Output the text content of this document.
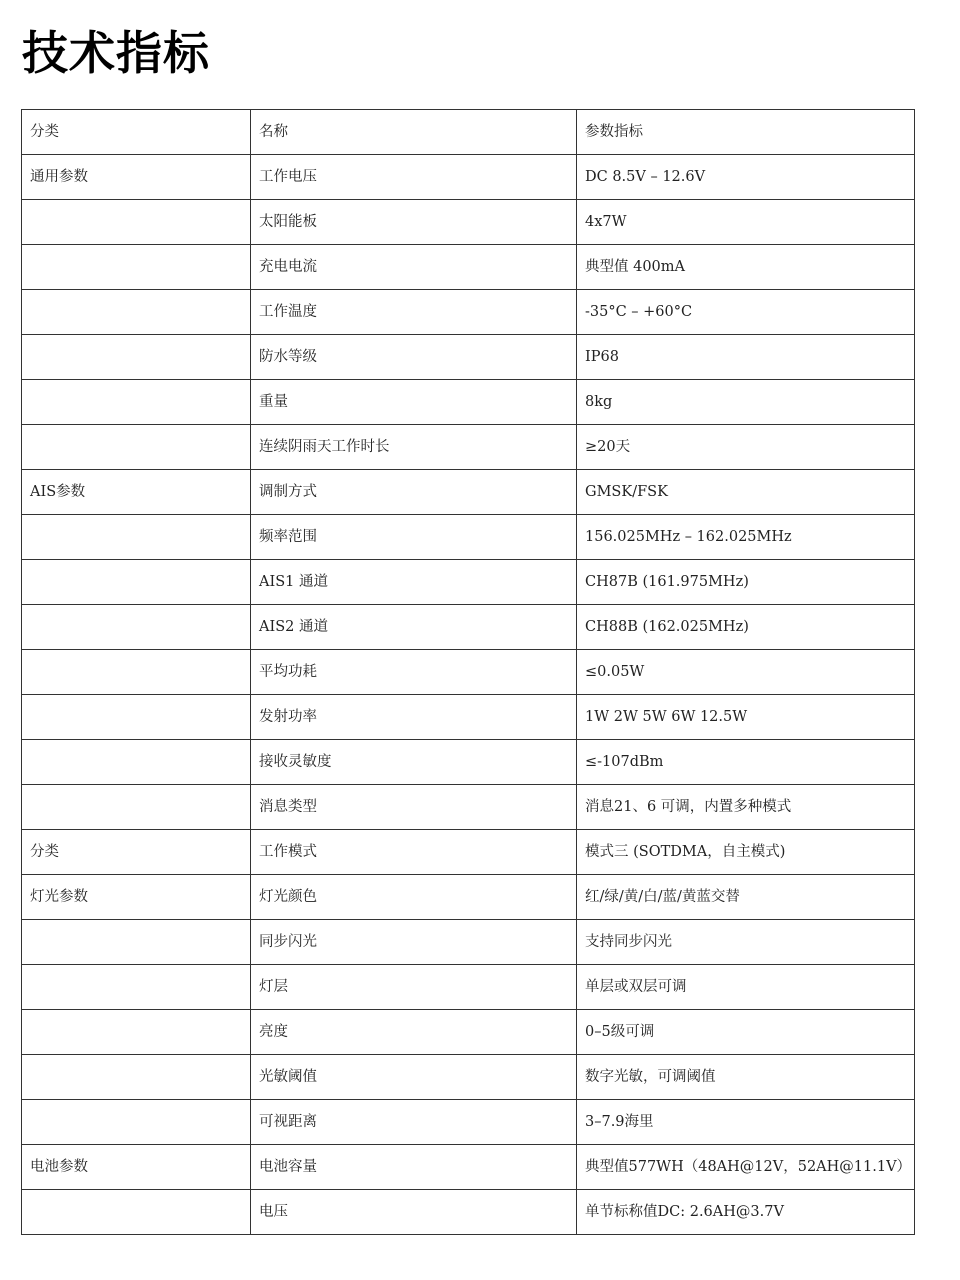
技术指标
分类	名称	参数指标
通用参数	工作电压	DC 8.5V – 12.6V
	太阳能板	4x7W
	充电电流	典型值 400mA
	工作温度	-35°C – +60°C
	防水等级	IP68
	重量	8kg
	连续阴雨天工作时长	≥20天
AIS参数	调制方式	GMSK/FSK
	频率范围	156.025MHz – 162.025MHz
	AIS1 通道	CH87B (161.975MHz)
	AIS2 通道	CH88B (162.025MHz)
	平均功耗	≤0.05W
	发射功率	1W 2W 5W 6W 12.5W
	接收灵敏度	≤-107dBm
	消息类型	消息21、6 可调，内置多种模式
分类	工作模式	模式三 (SOTDMA，自主模式)
灯光参数	灯光颜色	红/绿/黄/白/蓝/黄蓝交替
	同步闪光	支持同步闪光
	灯层	单层或双层可调
	亮度	0–5级可调
	光敏阈值	数字光敏，可调阈值
	可视距离	3–7.9海里
电池参数	电池容量	典型值577WH（48AH@12V，52AH@11.1V）
	电压	单节标称值DC: 2.6AH@3.7V
